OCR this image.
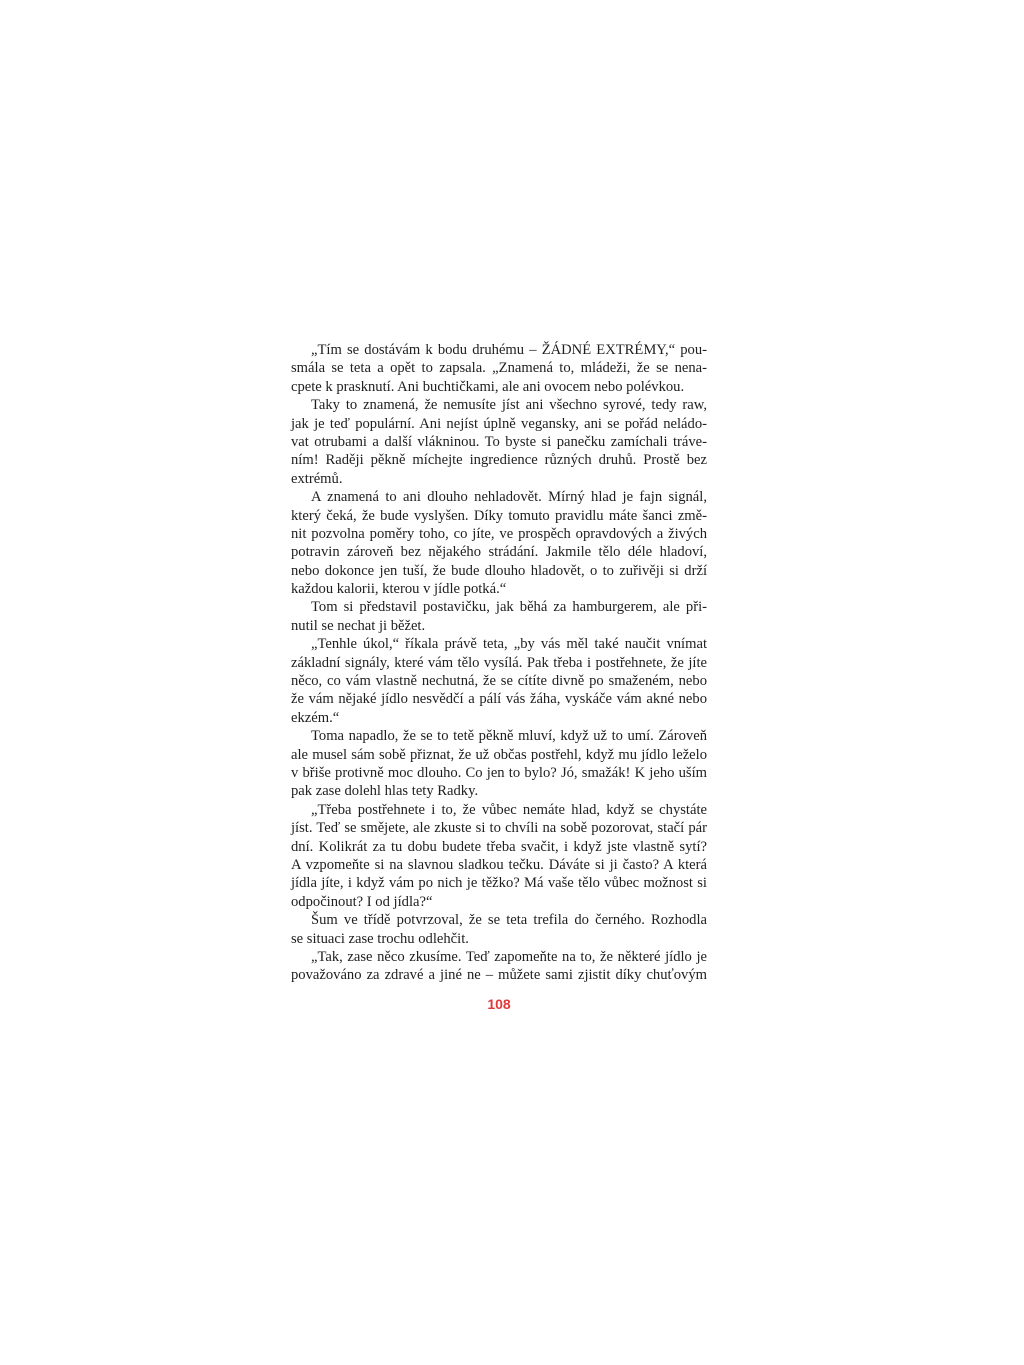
„Tím se dostávám k bodu druhému – ŽÁDNÉ EXTRÉMY,“ pou-
smála se teta a opět to zapsala. „Znamená to, mládeži, že se nena-
cpete k prasknutí. Ani buchtičkami, ale ani ovocem nebo polévkou.
Taky to znamená, že nemusíte jíst ani všechno syrové, tedy raw,
jak je teď populární. Ani nejíst úplně vegansky, ani se pořád neládo-
vat otrubami a další vlákninou. To byste si panečku zamíchali tráve-
ním! Raději pěkně míchejte ingredience různých druhů. Prostě bez
extrémů.
A znamená to ani dlouho nehladovět. Mírný hlad je fajn signál,
který čeká, že bude vyslyšen. Díky tomuto pravidlu máte šanci změ-
nit pozvolna poměry toho, co jíte, ve prospěch opravdových a živých
potravin zároveň bez nějakého strádání. Jakmile tělo déle hladoví,
nebo dokonce jen tuší, že bude dlouho hladovět, o to zuřivěji si drží
každou kalorii, kterou v jídle potká.“
Tom si představil postavičku, jak běhá za hamburgerem, ale při-
nutil se nechat ji běžet.
„Tenhle úkol,“ říkala právě teta, „by vás měl také naučit vnímat
základní signály, které vám tělo vysílá. Pak třeba i postřehnete, že jíte
něco, co vám vlastně nechutná, že se cítíte divně po smaženém, nebo
že vám nějaké jídlo nesvědčí a pálí vás žáha, vyskáče vám akné nebo
ekzém.“
Toma napadlo, že se to tetě pěkně mluví, když už to umí. Zároveň
ale musel sám sobě přiznat, že už občas postřehl, když mu jídlo leželo
v břiše protivně moc dlouho. Co jen to bylo? Jó, smažák! K jeho uším
pak zase dolehl hlas tety Radky.
„Třeba postřehnete i to, že vůbec nemáte hlad, když se chystáte
jíst. Teď se smějete, ale zkuste si to chvíli na sobě pozorovat, stačí pár
dní. Kolikrát za tu dobu budete třeba svačit, i když jste vlastně sytí?
A vzpomeňte si na slavnou sladkou tečku. Dáváte si ji často? A která
jídla jíte, i když vám po nich je těžko? Má vaše tělo vůbec možnost si
odpočinout? I od jídla?“
Šum ve třídě potvrzoval, že se teta trefila do černého. Rozhodla
se situaci zase trochu odlehčit.
„Tak, zase něco zkusíme. Teď zapomeňte na to, že některé jídlo je
považováno za zdravé a jiné ne – můžete sami zjistit díky chuťovým
108
